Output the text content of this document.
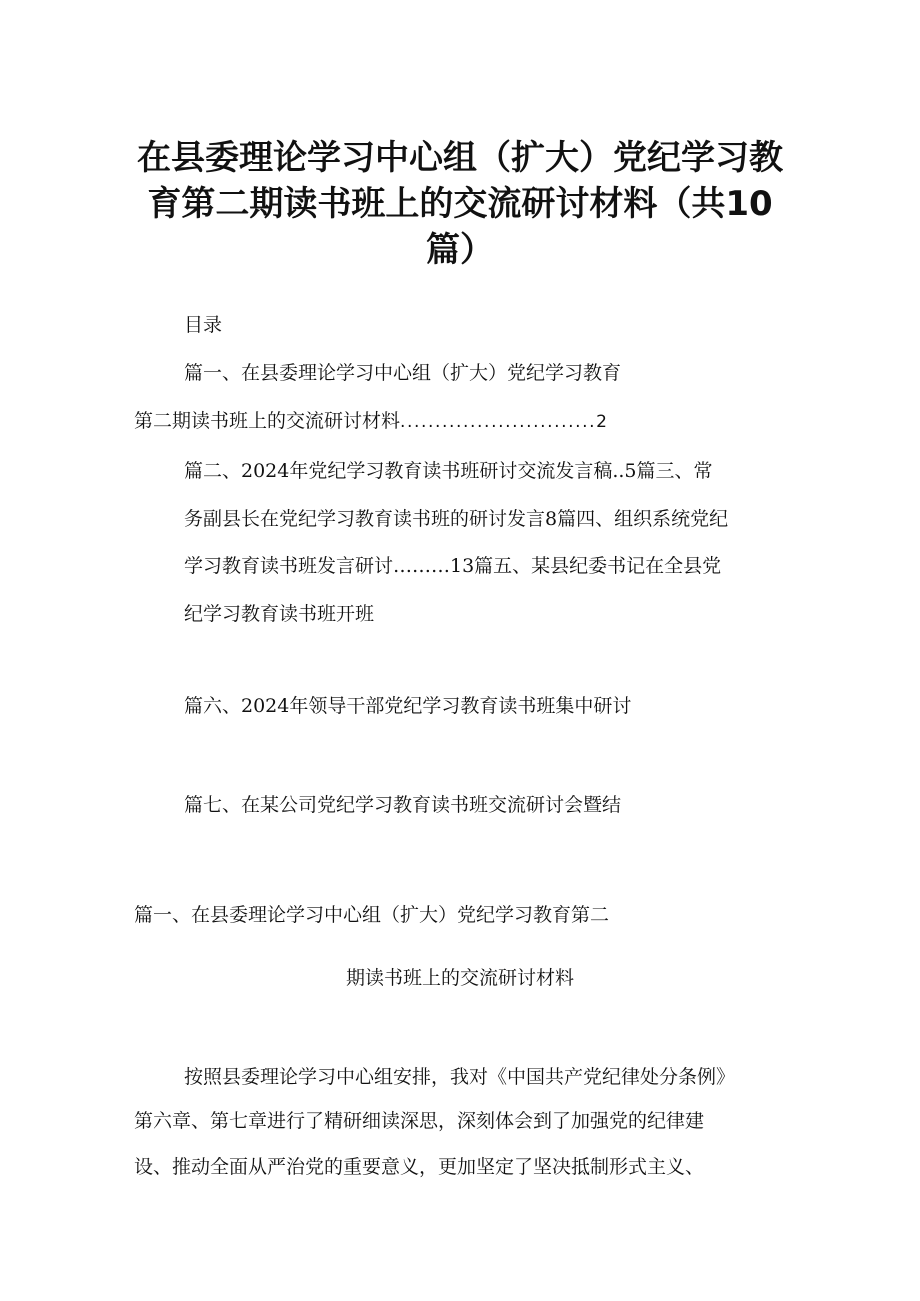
在县委理论学习中心组（扩大）党纪学习教
育第二期读书班上的交流研讨材料（共10
篇）
目录
篇一、在县委理论学习中心组（扩大）党纪学习教育
第二期读书班上的交流研讨材料............................2
篇二、2024年党纪学习教育读书班研讨交流发言稿..5篇三、常
务副县长在党纪学习教育读书班的研讨发言8篇四、组织系统党纪
学习教育读书班发言研讨………13篇五、某县纪委书记在全县党
纪学习教育读书班开班
篇六、2024年领导干部党纪学习教育读书班集中研讨
篇七、在某公司党纪学习教育读书班交流研讨会暨结
篇一、在县委理论学习中心组（扩大）党纪学习教育第二
期读书班上的交流研讨材料
按照县委理论学习中心组安排，我对《中国共产党纪律处分条例》
第六章、第七章进行了精研细读深思，深刻体会到了加强党的纪律建
设、推动全面从严治党的重要意义，更加坚定了坚决抵制形式主义、
